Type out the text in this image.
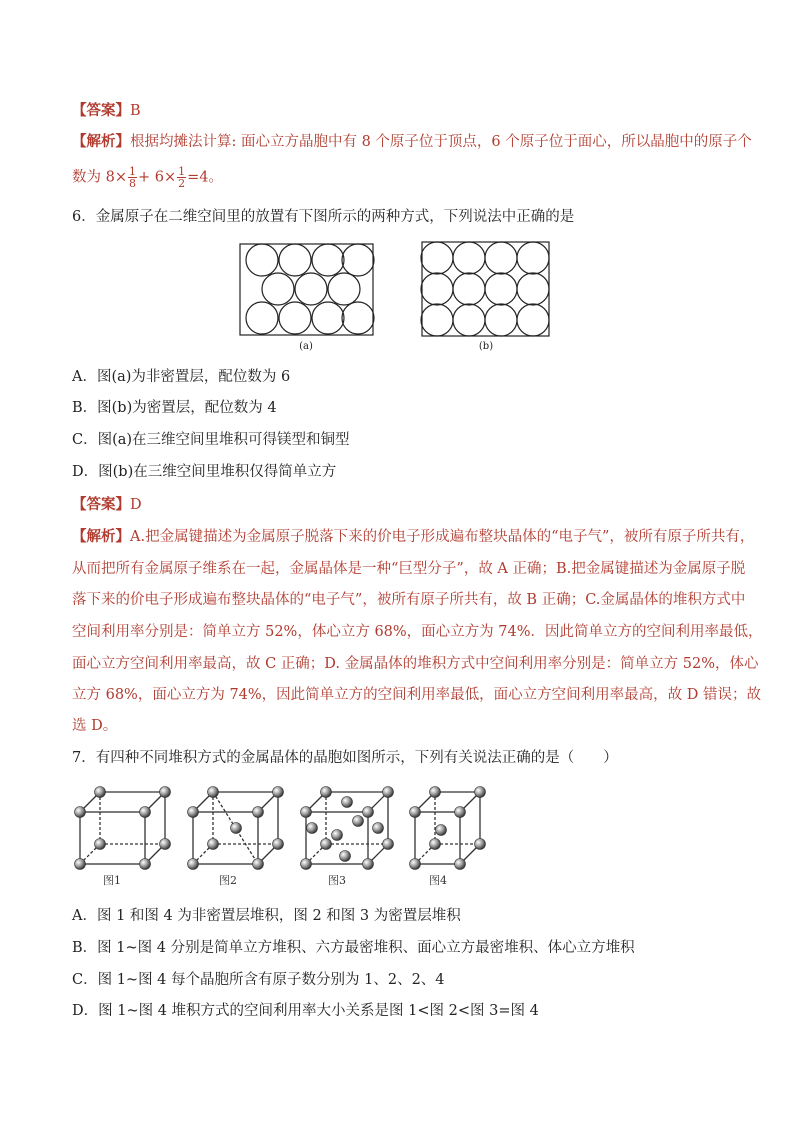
【答案】B
【解析】根据均摊法计算: 面心立方晶胞中有 8 个原子位于顶点，6 个原子位于面心，所以晶胞中的原子个
数为 $8\times \frac{1}{8} + 6\times \frac{1}{2} =4$。
6．金属原子在二维空间里的放置有下图所示的两种方式，下列说法中正确的是
(a)	(b)
A．图(a)为非密置层，配位数为 6
B．图(b)为密置层，配位数为 4
C．图(a)在三维空间里堆积可得镁型和铜型
D．图(b)在三维空间里堆积仅得简单立方
【答案】D
【解析】A.把金属键描述为金属原子脱落下来的价电子形成遍布整块晶体的“电子气”，被所有原子所共有，
从而把所有金属原子维系在一起，金属晶体是一种“巨型分子”，故 A 正确；B.把金属键描述为金属原子脱
落下来的价电子形成遍布整块晶体的“电子气”，被所有原子所共有，故 B 正确；C.金属晶体的堆积方式中
空间利用率分别是：简单立方 52%，体心立方 68%，面心立方为 74%．因此简单立方的空间利用率最低，
面心立方空间利用率最高，故 C 正确；D. 金属晶体的堆积方式中空间利用率分别是：简单立方 52%，体心
立方 68%，面心立方为 74%，因此简单立方的空间利用率最低，面心立方空间利用率最高，故 D 错误；故
选 D。
7．有四种不同堆积方式的金属晶体的晶胞如图所示，下列有关说法正确的是（　　）
图1	图2	图3	图4
A．图 1 和图 4 为非密置层堆积，图 2 和图 3 为密置层堆积
B．图 1~图 4 分别是简单立方堆积、六方最密堆积、面心立方最密堆积、体心立方堆积
C．图 1~图 4 每个晶胞所含有原子数分别为 1、2、2、4
D．图 1~图 4 堆积方式的空间利用率大小关系是图 1<图 2<图 3=图 4
